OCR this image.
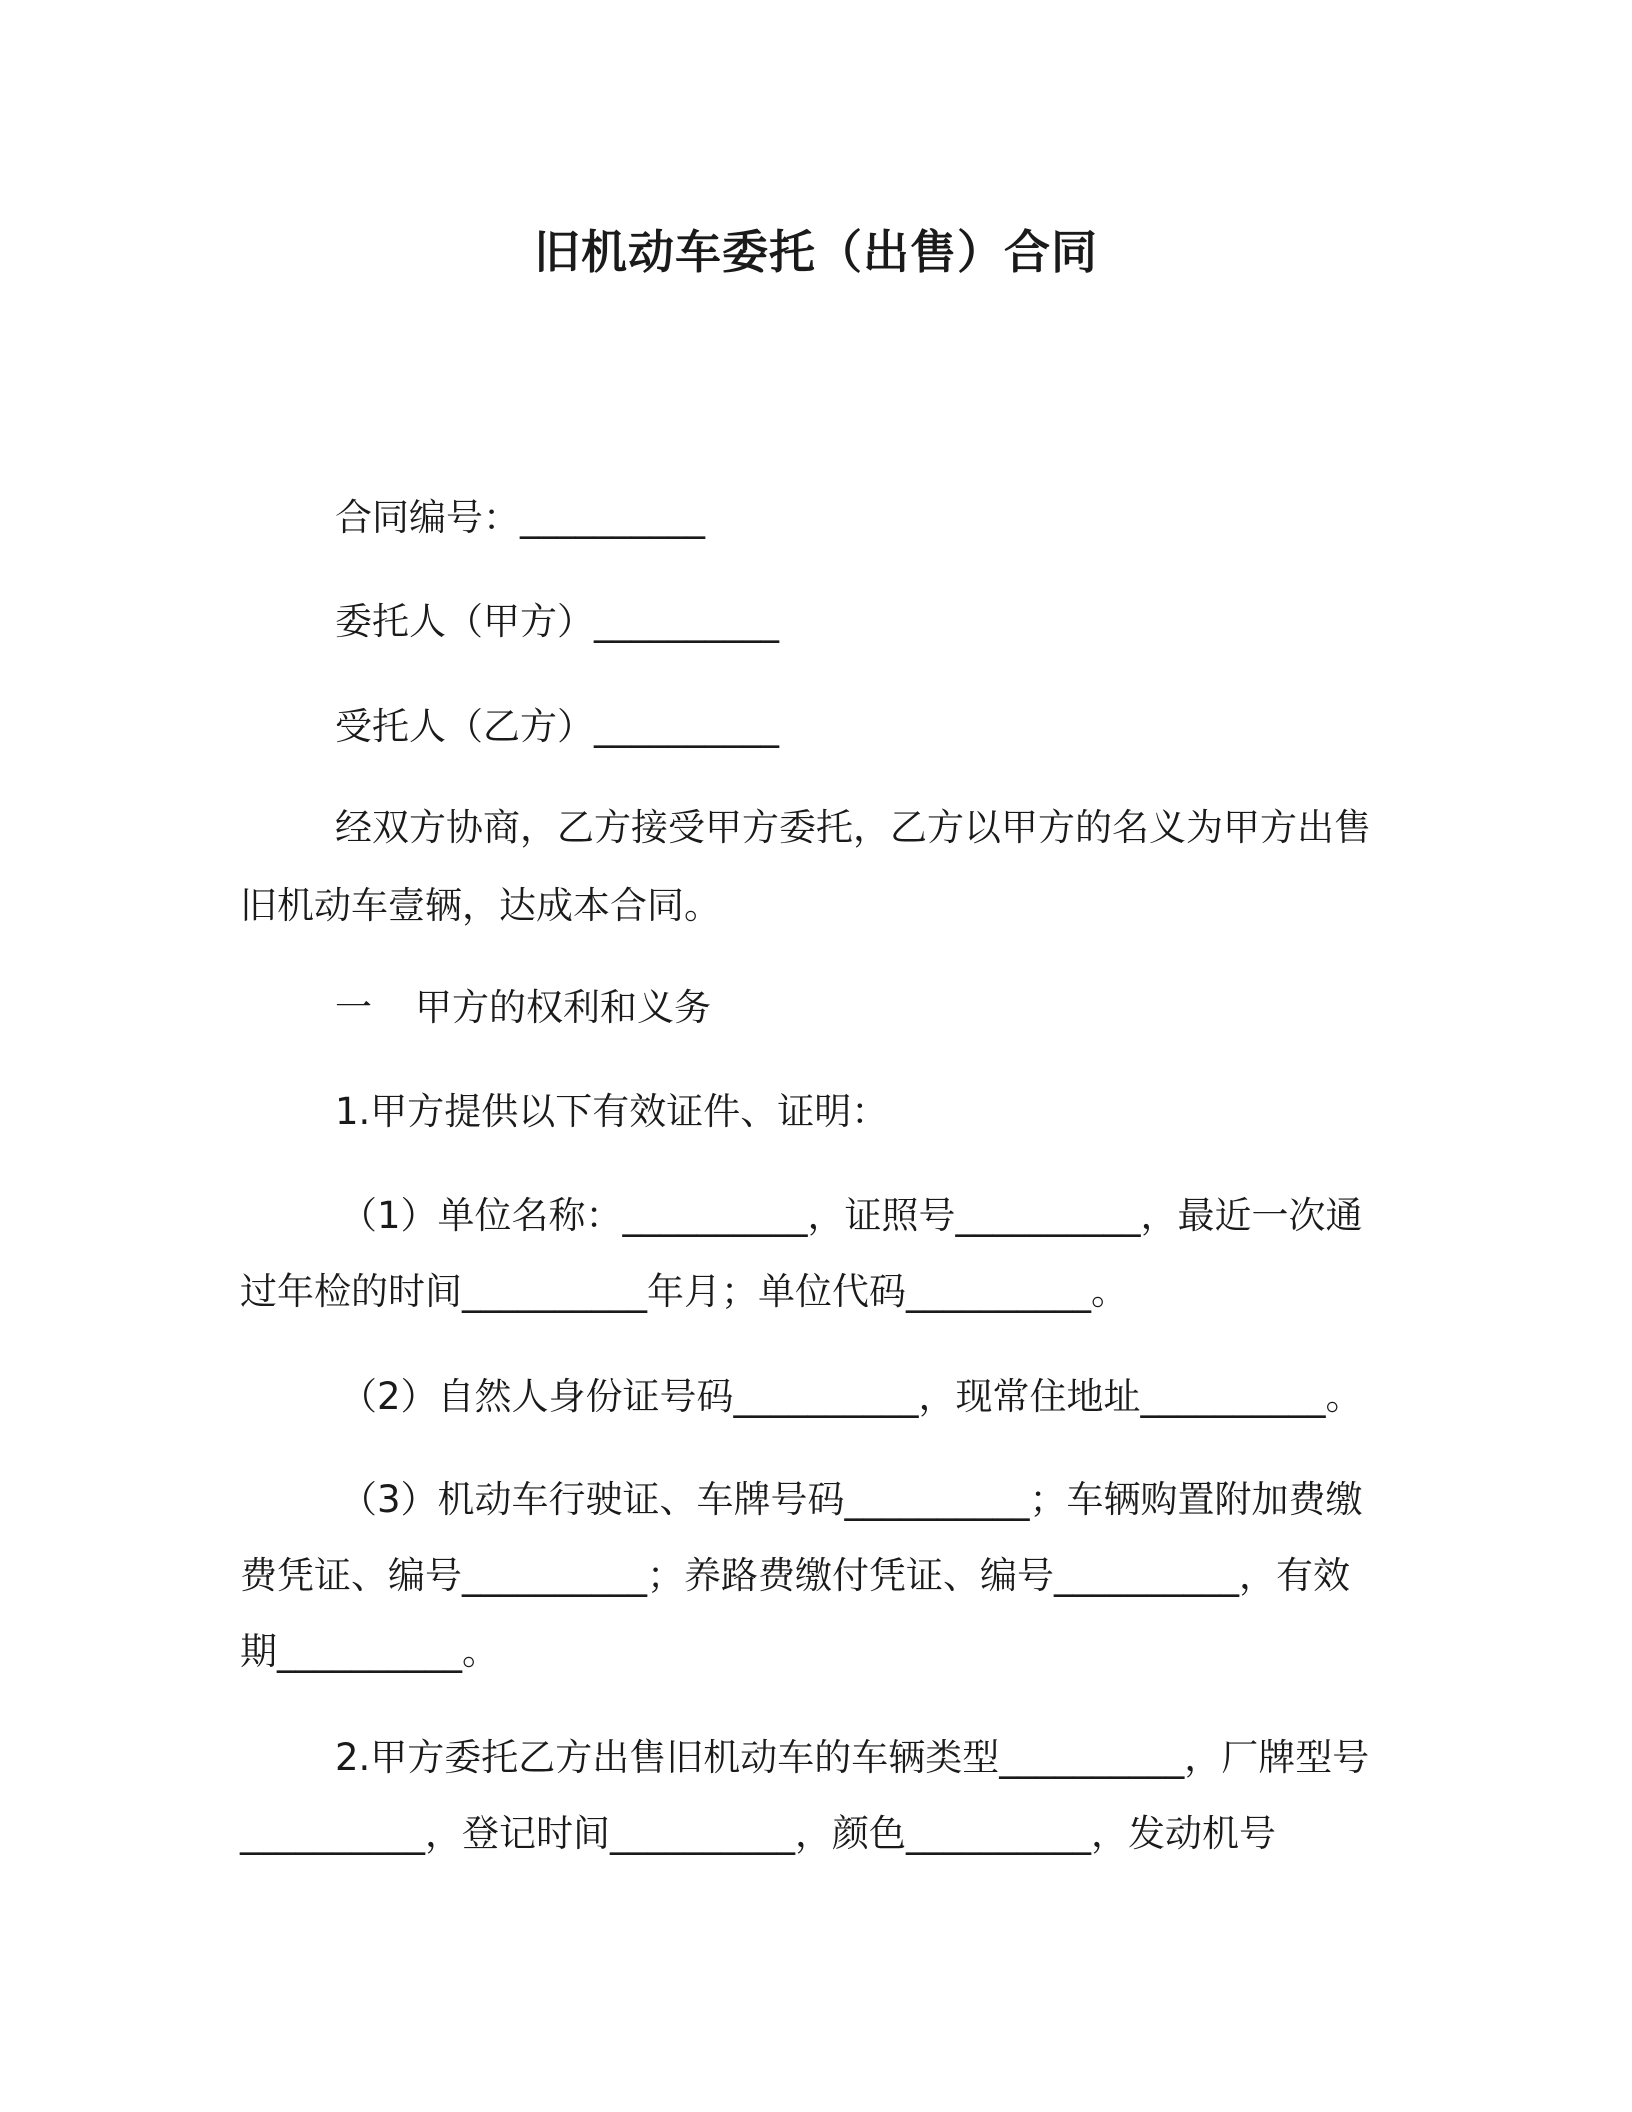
旧机动车委托（出售）合同
合同编号：__________
委托人（甲方）__________
受托人（乙方）__________
经双方协商，乙方接受甲方委托，乙方以甲方的名义为甲方出售
旧机动车壹辆，达成本合同。
一 甲方的权利和义务
1.甲方提供以下有效证件、证明：
（1）单位名称：__________，证照号__________，最近一次通
过年检的时间__________年月；单位代码__________。
（2）自然人身份证号码__________，现常住地址__________。
（3）机动车行驶证、车牌号码__________；车辆购置附加费缴
费凭证、编号__________；养路费缴付凭证、编号__________，有效
期__________。
2.甲方委托乙方出售旧机动车的车辆类型__________，厂牌型号
__________，登记时间__________，颜色__________，发动机号
